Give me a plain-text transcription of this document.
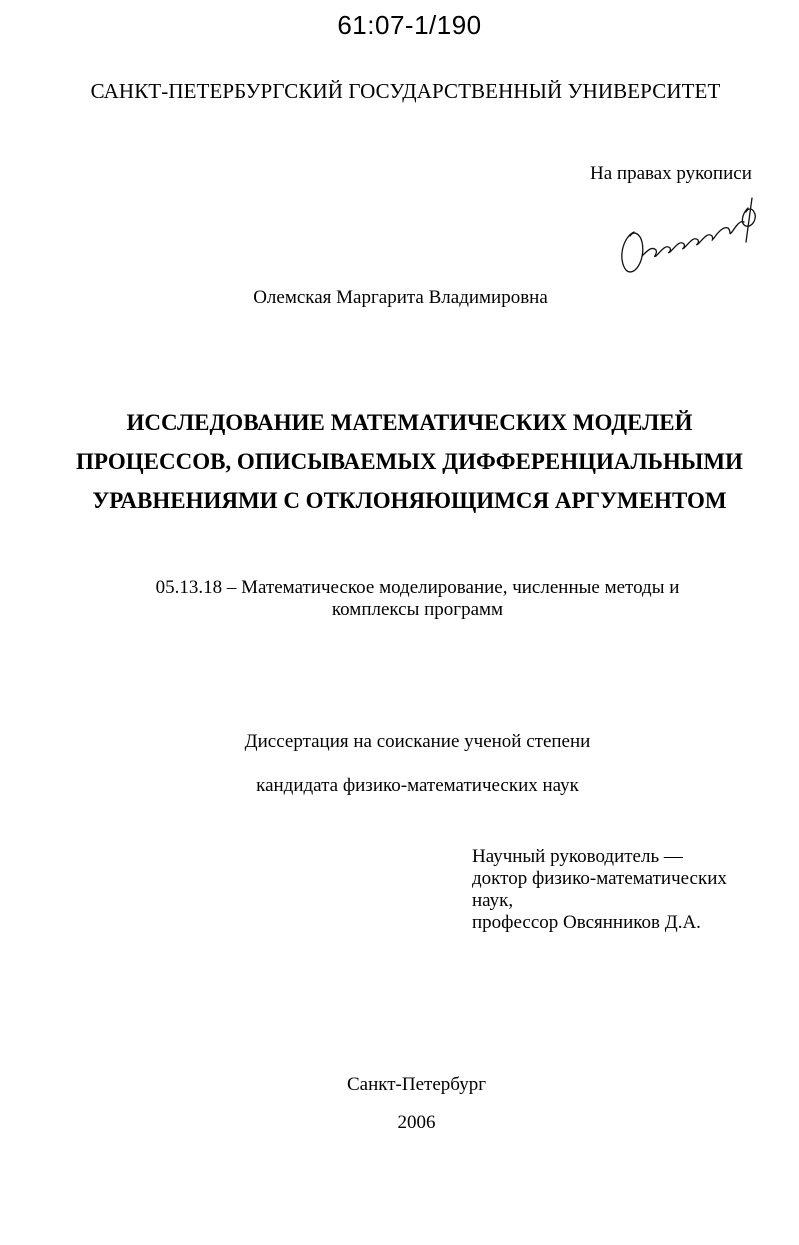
61:07-1/190
САНКТ-ПЕТЕРБУРГСКИЙ ГОСУДАРСТВЕННЫЙ УНИВЕРСИТЕТ
На правах рукописи
Олемская Маргарита Владимировна
ИССЛЕДОВАНИЕ МАТЕМАТИЧЕСКИХ МОДЕЛЕЙ
ПРОЦЕССОВ, ОПИСЫВАЕМЫХ ДИФФЕРЕНЦИАЛЬНЫМИ
УРАВНЕНИЯМИ С ОТКЛОНЯЮЩИМСЯ АРГУМЕНТОМ
05.13.18 – Математическое моделирование, численные методы и
комплексы программ
Диссертация на соискание ученой степени
кандидата физико-математических наук
Научный руководитель —
доктор физико-математических
наук,
профессор Овсянников Д.А.
Санкт-Петербург
2006
